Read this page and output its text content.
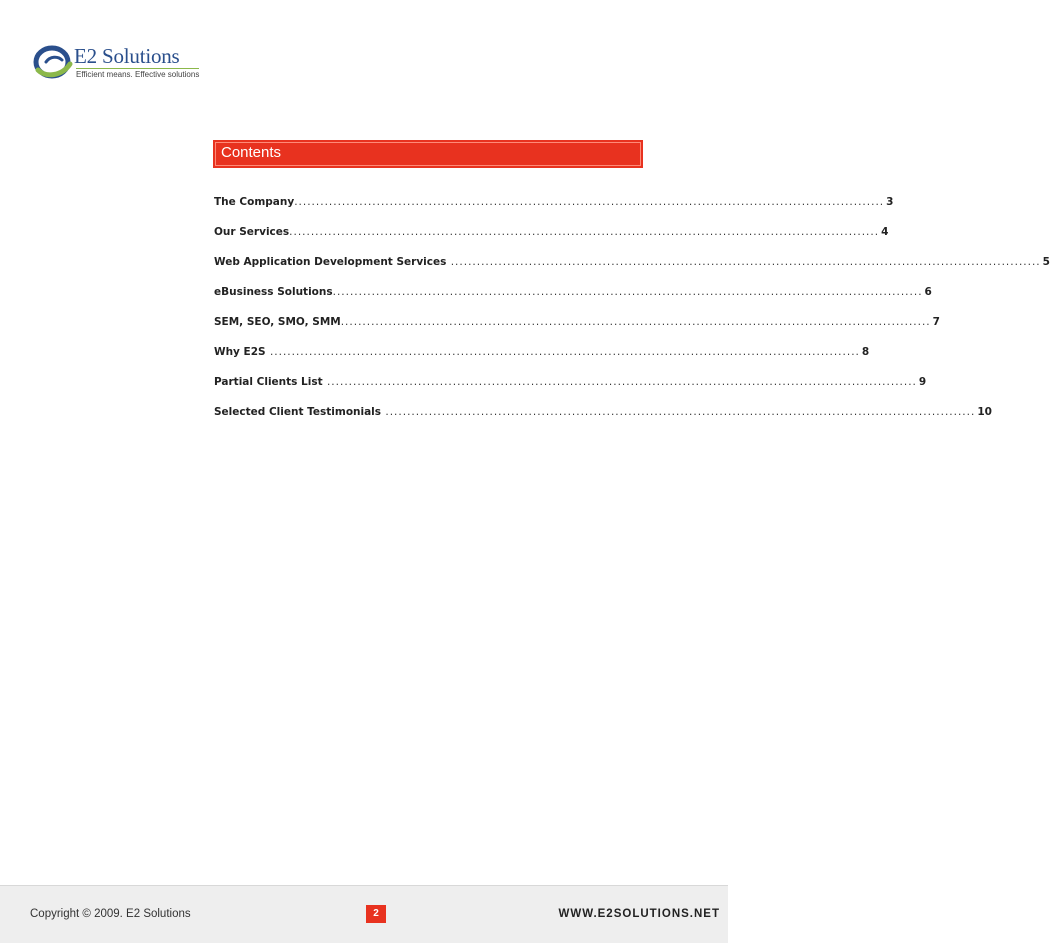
E2 Solutions
Efficient means. Effective solutions
Contents
The Company ........................................................................................................................................ 3
Our Services ........................................................................................................................................ 4
Web Application Development Services ........................................................................................................................................ 5
eBusiness Solutions ........................................................................................................................................ 6
SEM, SEO, SMO, SMM ........................................................................................................................................ 7
Why E2S ........................................................................................................................................ 8
Partial Clients List ........................................................................................................................................ 9
Selected Client Testimonials ........................................................................................................................................ 10
Copyright © 2009. E2 Solutions	2	WWW.E2SOLUTIONS.NET
